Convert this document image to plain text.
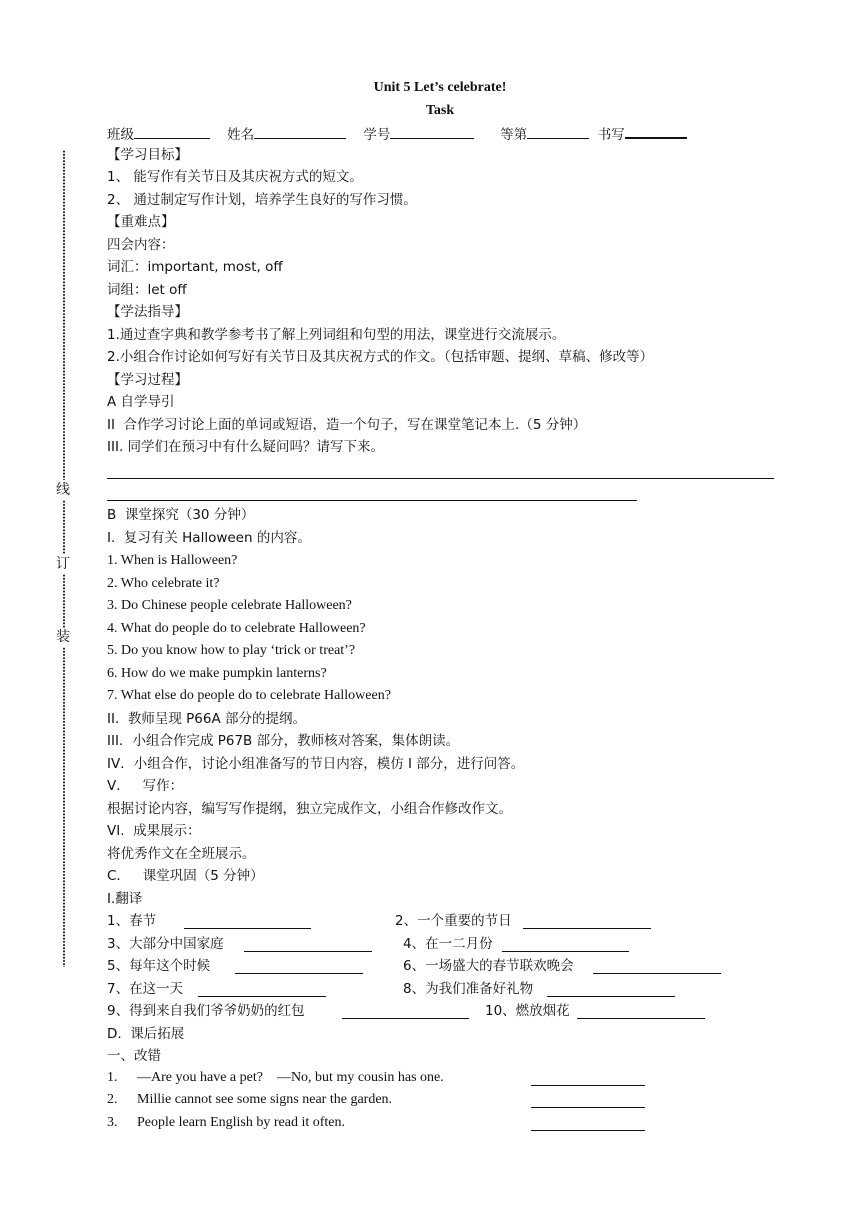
线
订
装
Unit 5 Let’s celebrate!
Task
班级	姓名	学号	等第	书写
【学习目标】
1、 能写作有关节日及其庆祝方式的短文。
2、 通过制定写作计划，培养学生良好的写作习惯。
【重难点】
四会内容：
词汇：important, most, off
词组：let off
【学法指导】
1.通过查字典和教学参考书了解上列词组和句型的用法，课堂进行交流展示。
2.小组合作讨论如何写好有关节日及其庆祝方式的作文。（包括审题、提纲、草稿、修改等）
【学习过程】
A 自学导引
II  合作学习讨论上面的单词或短语，造一个句子，写在课堂笔记本上.（5 分钟）
III. 同学们在预习中有什么疑问吗？请写下来。
B  课堂探究（30 分钟）
I.  复习有关 Halloween 的内容。
1. When is Halloween?
2. Who celebrate it?
3. Do Chinese people celebrate Halloween?
4. What do people do to celebrate Halloween?
5. Do you know how to play ‘trick or treat’?
6. How do we make pumpkin lanterns?
7. What else do people do to celebrate Halloween?
II.  教师呈现 P66A 部分的提纲。
III．小组合作完成 P67B 部分，教师核对答案，集体朗读。
IV．小组合作，讨论小组准备写的节日内容，模仿 I 部分，进行问答。
V．   写作：
根据讨论内容，编写写作提纲，独立完成作文，小组合作修改作文。
VI.  成果展示：
将优秀作文在全班展示。
C．   课堂巩固（5 分钟）
I.翻译
1、春节	2、一个重要的节日
3、大部分中国家庭	4、在一二月份
5、每年这个时候	6、一场盛大的春节联欢晚会
7、在这一天	8、为我们准备好礼物
9、得到来自我们爷爷奶奶的红包	10、燃放烟花
D.  课后拓展
一、改错
1. —Are you have a pet?    —No, but my cousin has one.
2. Millie cannot see some signs near the garden.
3. People learn English by read it often.
